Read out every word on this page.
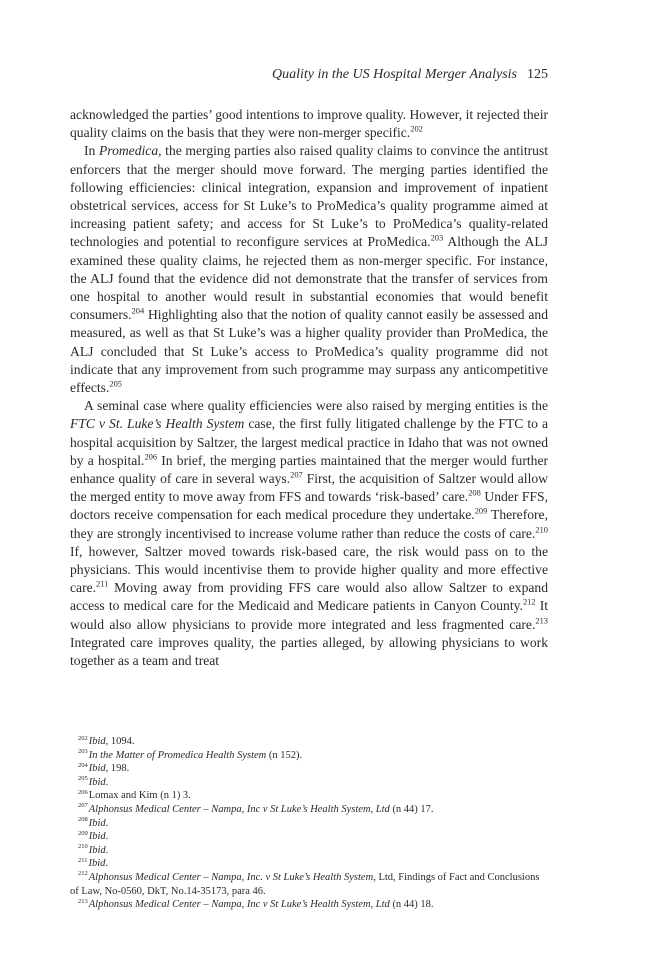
Quality in the US Hospital Merger Analysis 125

acknowledged the parties’ good intentions to improve quality. However, it rejected their quality claims on the basis that they were non-merger specific.$^{202}$

In Promedica, the merging parties also raised quality claims to convince the antitrust enforcers that the merger should move forward. The merging parties identified the following efficiencies: clinical integration, expansion and improvement of inpatient obstetrical services, access for St Luke’s to ProMedica’s quality programme aimed at increasing patient safety; and access for St Luke’s to ProMedica’s quality-related technologies and potential to reconfigure services at ProMedica.$^{203}$ Although the ALJ examined these quality claims, he rejected them as non-merger specific. For instance, the ALJ found that the evidence did not demonstrate that the transfer of services from one hospital to another would result in substantial economies that would benefit consumers.$^{204}$ Highlighting also that the notion of quality cannot easily be assessed and measured, as well as that St Luke’s was a higher quality provider than ProMedica, the ALJ concluded that St Luke’s access to ProMedica’s quality programme did not indicate that any improvement from such programme may surpass any anticompetitive effects.$^{205}$

A seminal case where quality efficiencies were also raised by merging entities is the FTC v St. Luke’s Health System case, the first fully litigated challenge by the FTC to a hospital acquisition by Saltzer, the largest medical practice in Idaho that was not owned by a hospital.$^{206}$ In brief, the merging parties maintained that the merger would further enhance quality of care in several ways.$^{207}$ First, the acquisition of Saltzer would allow the merged entity to move away from FFS and towards ‘risk-based’ care.$^{208}$ Under FFS, doctors receive compensation for each medical procedure they undertake.$^{209}$ Therefore, they are strongly incentivised to increase volume rather than reduce the costs of care.$^{210}$ If, however, Saltzer moved towards risk-based care, the risk would pass on to the physicians. This would incentivise them to provide higher quality and more effective care.$^{211}$ Moving away from providing FFS care would also allow Saltzer to expand access to medical care for the Medicaid and Medicare patients in Canyon County.$^{212}$ It would also allow physicians to provide more integrated and less fragmented care.$^{213}$ Integrated care improves quality, the parties alleged, by allowing physicians to work together as a team and treat

$^{202}$Ibid, 1094.

$^{203}$In the Matter of Promedica Health System (n 152).

$^{204}$Ibid, 198.

$^{205}$Ibid.

$^{206}$Lomax and Kim (n 1) 3.

$^{207}$Alphonsus Medical Center – Nampa, Inc v St Luke’s Health System, Ltd (n 44) 17.

$^{208}$Ibid.

$^{209}$Ibid.

$^{210}$Ibid.

$^{211}$Ibid.

$^{212}$Alphonsus Medical Center – Nampa, Inc. v St Luke’s Health System, Ltd, Findings of Fact and Conclusions of Law, No-0560, DkT, No.14-35173, para 46.

$^{213}$Alphonsus Medical Center – Nampa, Inc v St Luke’s Health System, Ltd (n 44) 18.
